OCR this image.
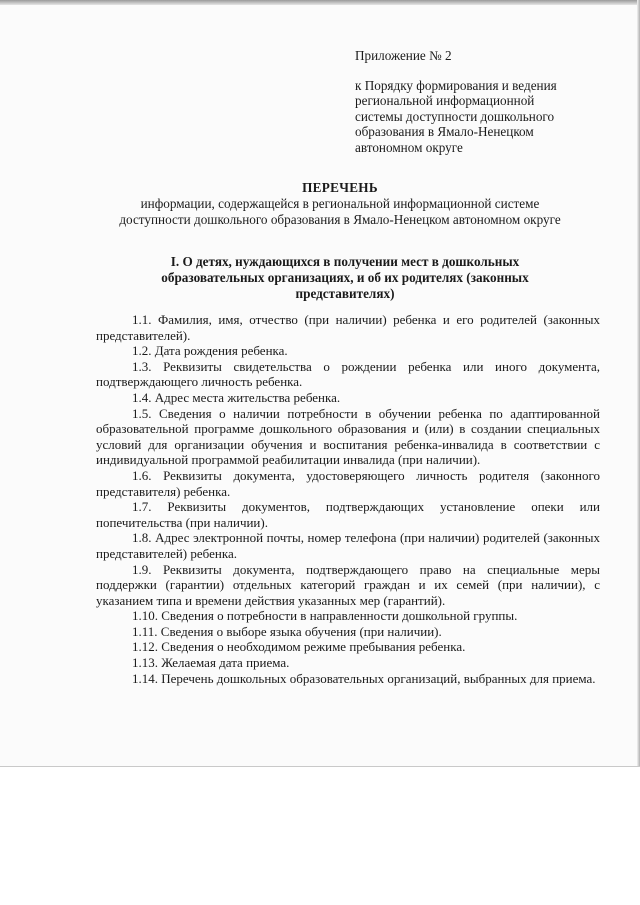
Приложение № 2
к Порядку формирования и ведения
региональной информационной
системы доступности дошкольного
образования в Ямало-Ненецком
автономном округе
ПЕРЕЧЕНЬ
информации, содержащейся в региональной информационной системе
доступности дошкольного образования в Ямало-Ненецком автономном округе
I. О детях, нуждающихся в получении мест в дошкольных
образовательных организациях, и об их родителях (законных
представителях)

1.1. Фамилия, имя, отчество (при наличии) ребенка и его родителей (законных представителей).

1.2. Дата рождения ребенка.

1.3. Реквизиты свидетельства о рождении ребенка или иного документа, подтверждающего личность ребенка.

1.4. Адрес места жительства ребенка.

1.5. Сведения о наличии потребности в обучении ребенка по адаптированной образовательной программе дошкольного образования и (или) в создании специальных условий для организации обучения и воспитания ребенка-инвалида в соответствии с индивидуальной программой реабилитации инвалида (при наличии).

1.6. Реквизиты документа, удостоверяющего личность родителя (законного представителя) ребенка.

1.7. Реквизиты документов, подтверждающих установление опеки или попечительства (при наличии).

1.8. Адрес электронной почты, номер телефона (при наличии) родителей (законных представителей) ребенка.

1.9. Реквизиты документа, подтверждающего право на специальные меры поддержки (гарантии) отдельных категорий граждан и их семей (при наличии), с указанием типа и времени действия указанных мер (гарантий).

1.10. Сведения о потребности в направленности дошкольной группы.

1.11. Сведения о выборе языка обучения (при наличии).

1.12. Сведения о необходимом режиме пребывания ребенка.

1.13. Желаемая дата приема.

1.14. Перечень дошкольных образовательных организаций, выбранных для приема.
